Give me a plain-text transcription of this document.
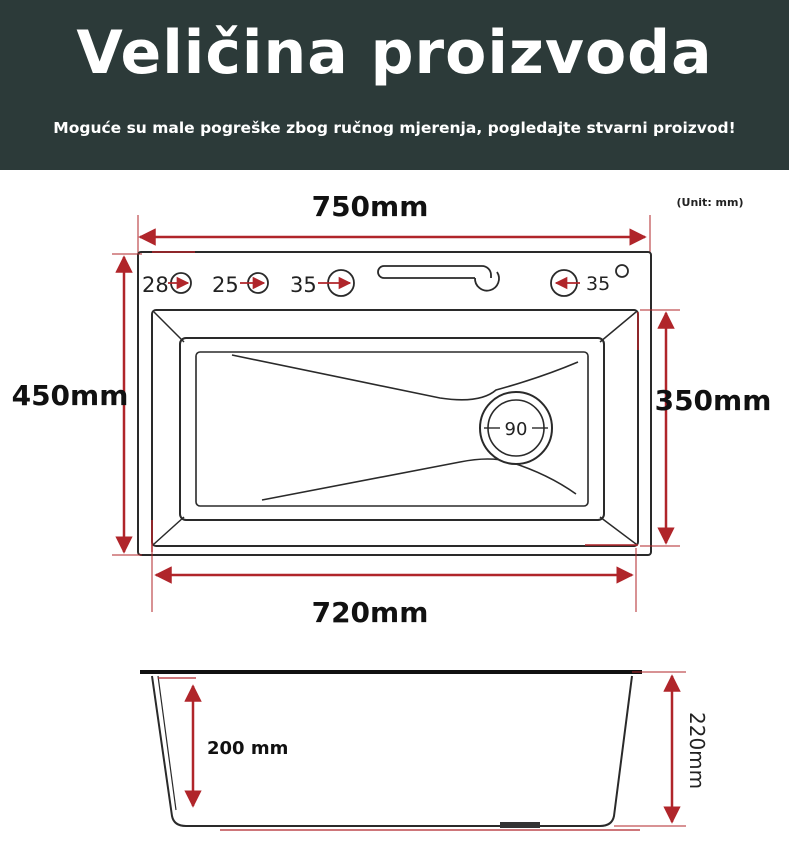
Veličina proizvoda
Moguće su male pogreške zbog ručnog mjerenja, pogledajte stvarni proizvod!
(Unit: mm)
750mm
450mm
28 25 35	35
90
350mm
720mm
200 mm	220mm
